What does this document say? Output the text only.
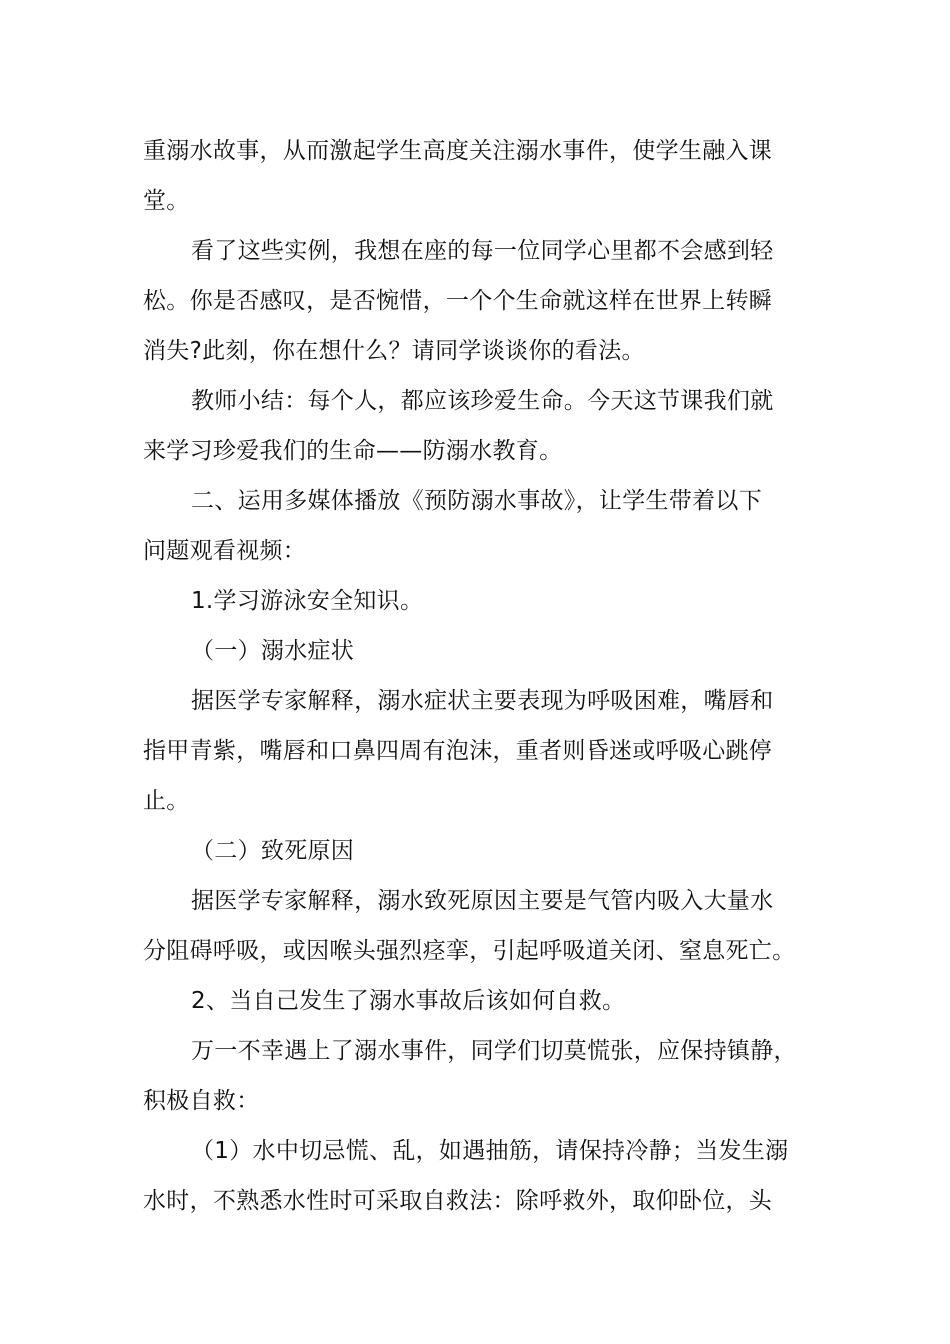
重溺水故事，从而激起学生高度关注溺水事件，使学生融入课
堂。
看了这些实例，我想在座的每一位同学心里都不会感到轻
松。你是否感叹，是否惋惜，一个个生命就这样在世界上转瞬
消失?此刻，你在想什么？请同学谈谈你的看法。
教师小结：每个人，都应该珍爱生命。今天这节课我们就
来学习珍爱我们的生命——防溺水教育。
二、运用多媒体播放《预防溺水事故》，让学生带着以下
问题观看视频：
1.学习游泳安全知识。
（一）溺水症状
据医学专家解释，溺水症状主要表现为呼吸困难，嘴唇和
指甲青紫，嘴唇和口鼻四周有泡沫，重者则昏迷或呼吸心跳停
止。
（二）致死原因
据医学专家解释，溺水致死原因主要是气管内吸入大量水
分阻碍呼吸，或因喉头强烈痉挛，引起呼吸道关闭、窒息死亡。
2、当自己发生了溺水事故后该如何自救。
万一不幸遇上了溺水事件，同学们切莫慌张，应保持镇静，
积极自救：
（1）水中切忌慌、乱，如遇抽筋，请保持冷静；当发生溺
水时，不熟悉水性时可采取自救法：除呼救外，取仰卧位，头
